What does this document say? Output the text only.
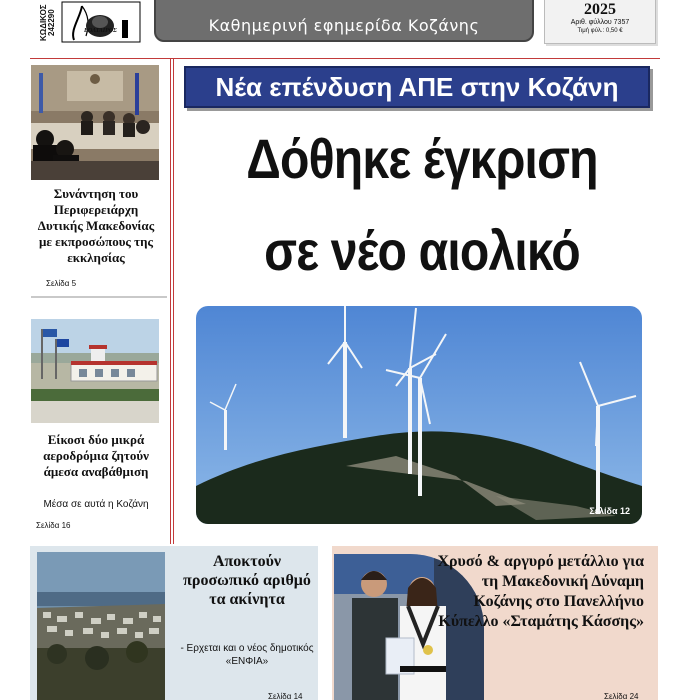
ΚΩΔΙΚΟΣ 242290	ΒΟΛΤΑΙΡΟΣ	Καθημερινή εφημερίδα Κοζάνης
2025
Αριθ. φύλλου 7357
Τιμή φύλ.: 0,50 €
Συνάντηση του Περιφερειάρχη Δυτικής Μακεδονίας με εκπροσώπους της εκκλησίας
Σελίδα 5
Είκοσι δύο μικρά αεροδρόμια ζητούν άμεσα αναβάθμιση
Μέσα σε αυτά η Κοζάνη
Σελίδα 16
Νέα επένδυση ΑΠΕ στην Κοζάνη
Δόθηκε έγκριση
σε νέο αιολικό
Σελίδα 12
Αποκτούν προσωπικό αριθμό τα ακίνητα
- Ερχεται και ο νέος δημοτικός «ΕΝΦΙΑ»
Σελίδα 14
Χρυσό & αργυρό μετάλλιο για τη Μακεδονική Δύναμη Κοζάνης στο Πανελλήνιο Κύπελλο «Σταμάτης Κάσσης»
Σελίδα 24
